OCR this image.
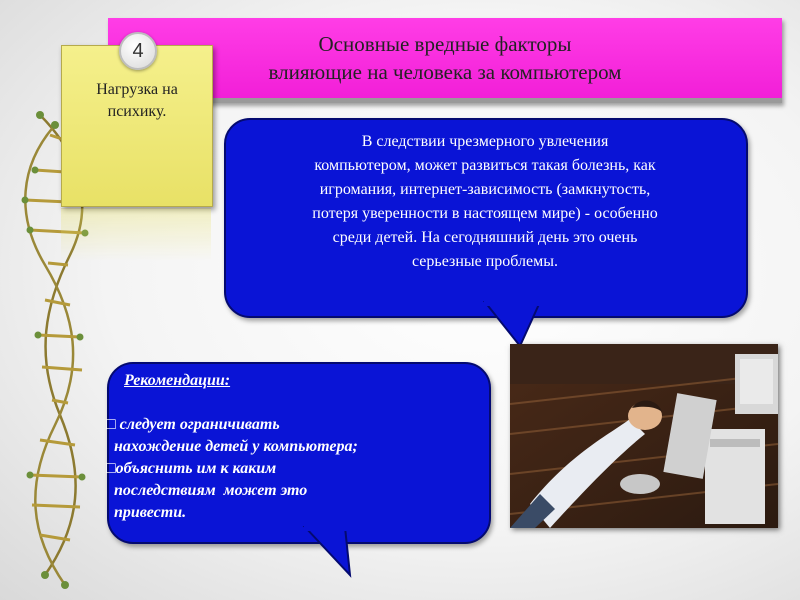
Основные вредные факторы
влияющие на человека за компьютером
4
Нагрузка на
психику.
В следствии чрезмерного увлечения
компьютером, может развиться такая болезнь, как
игромания, интернет-зависимость (замкнутость,
потеря уверенности в настоящем мире) - особенно
среди детей. На сегодняшний день это очень
серьезные проблемы.
Рекомендации:
□ следует ограничивать
нахождение детей у компьютера;
□объяснить им к каким
последствиям  может это
привести.
